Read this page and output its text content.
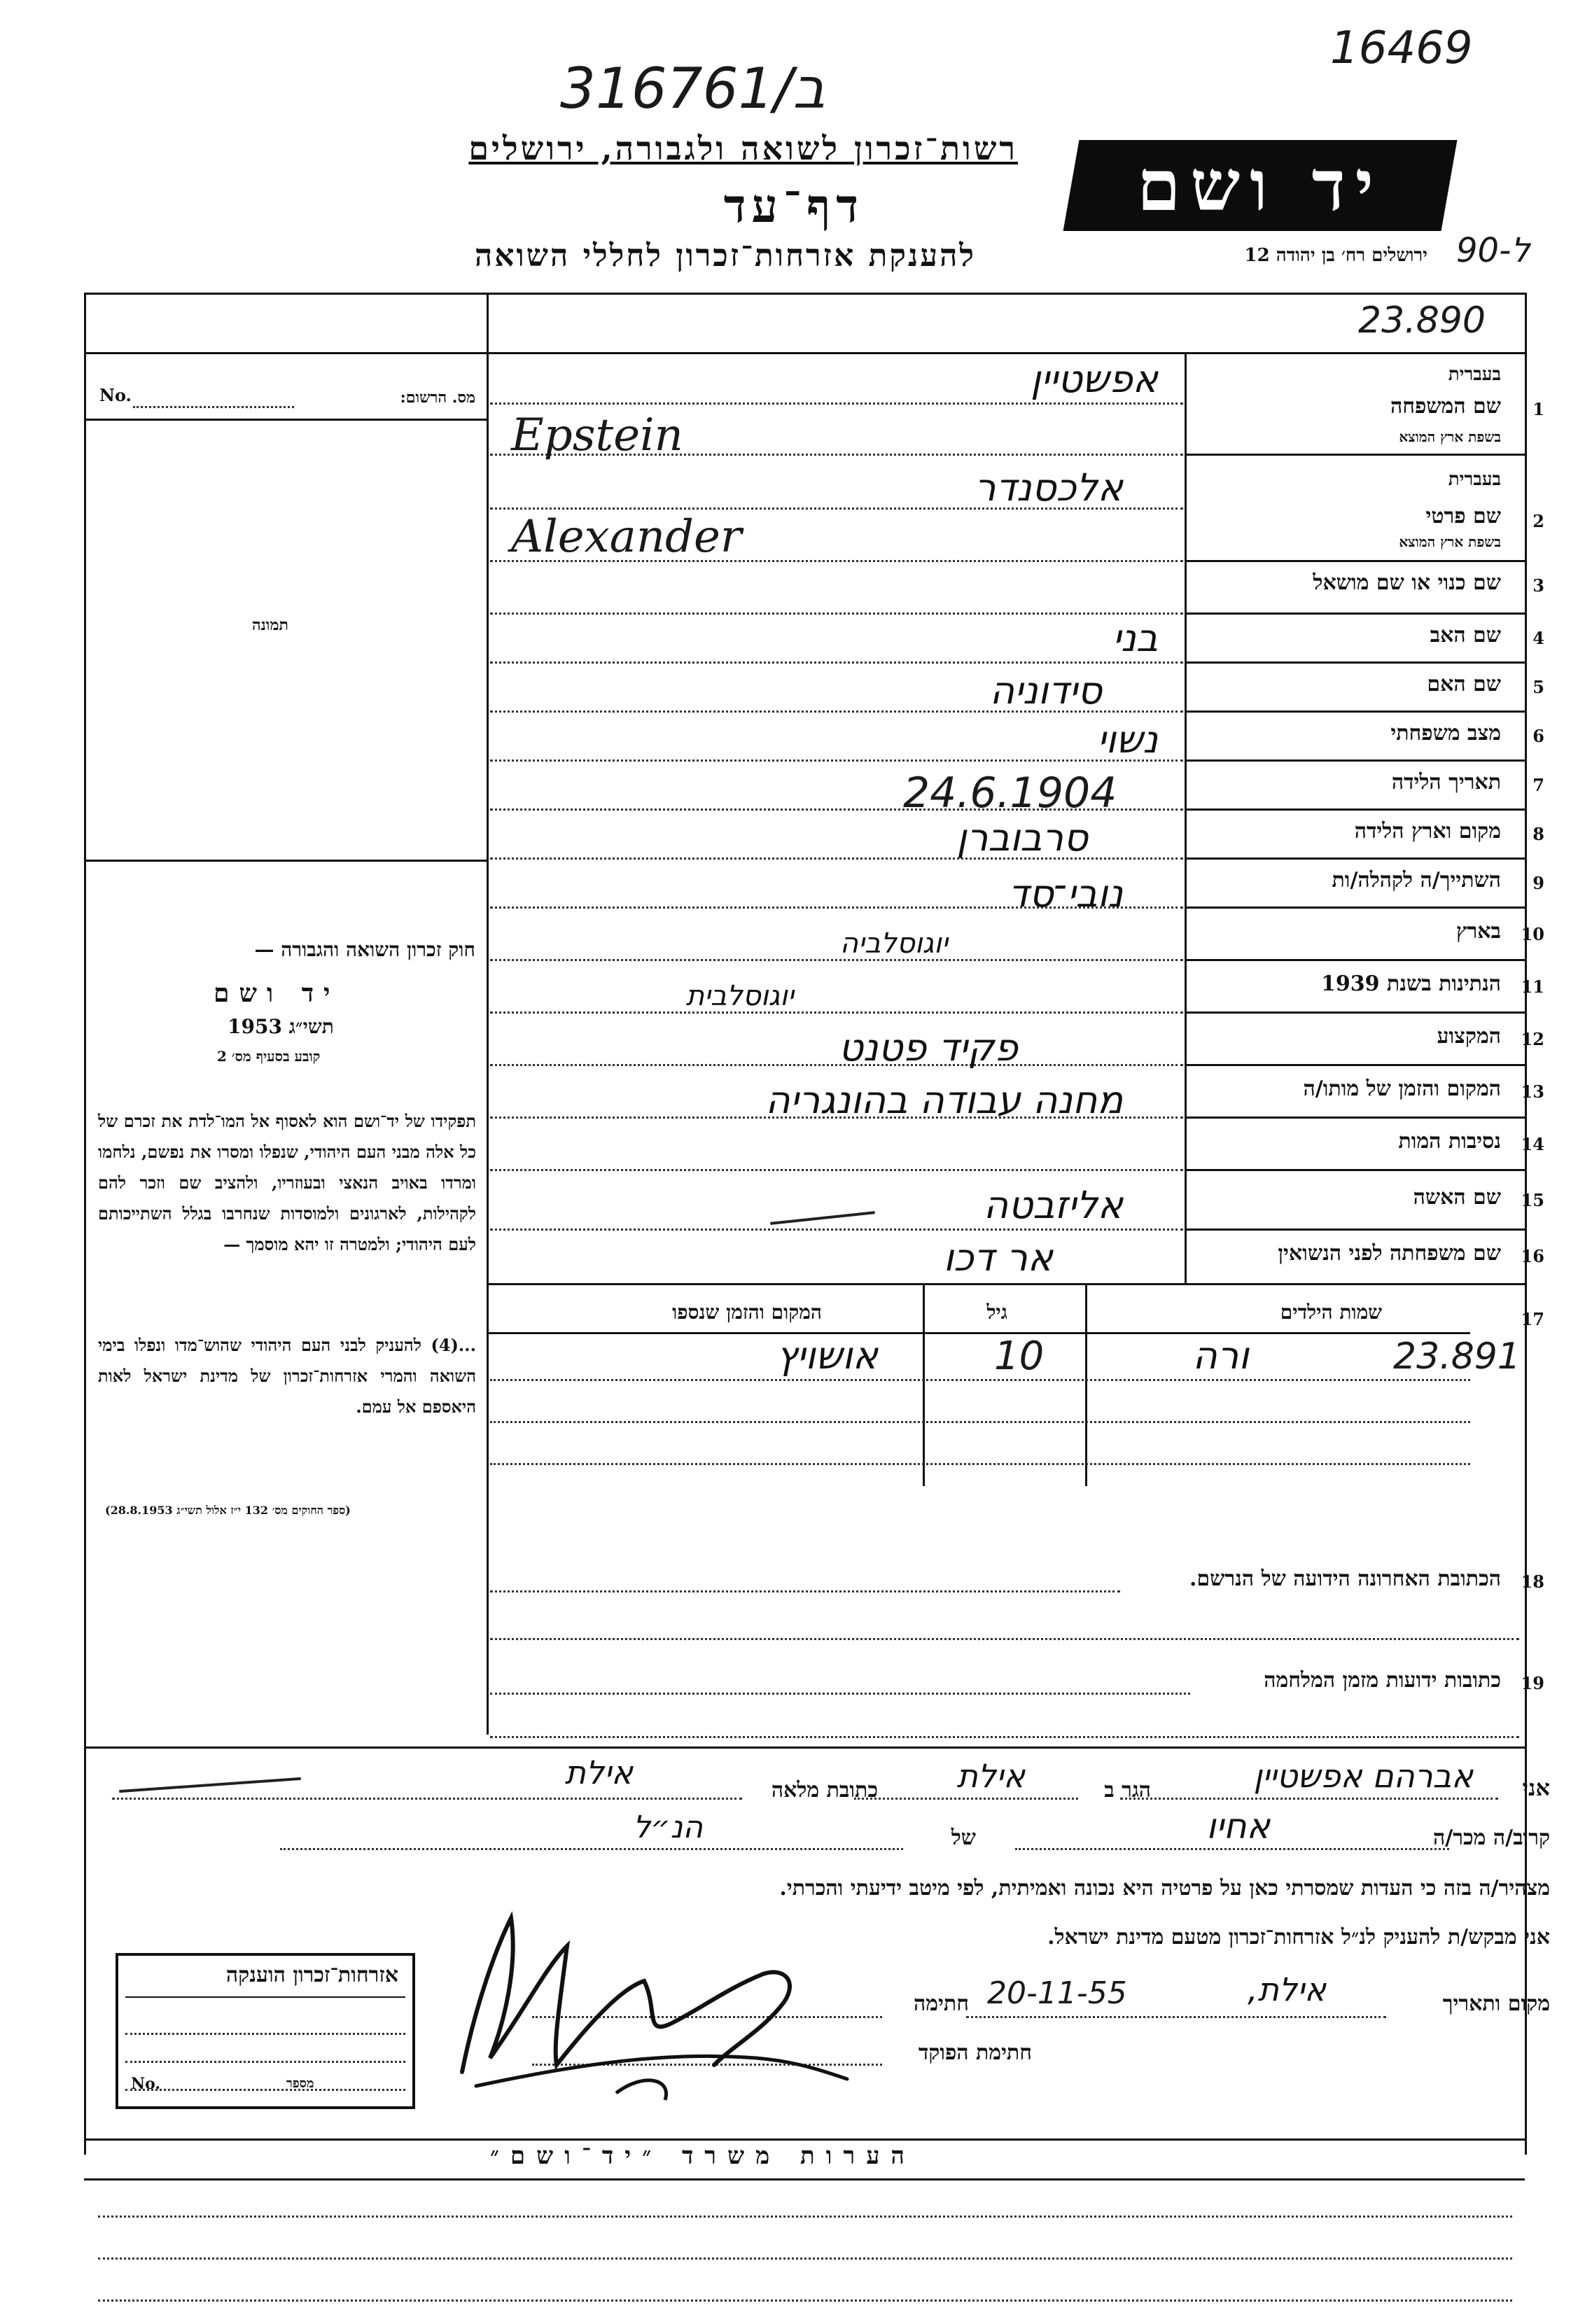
16469
316761/ב
90-ל
רשות־זכרון לשואה ולגבורה, ירושלים
דף־עד
להענקת אזרחות־זכרון לחללי השואה
יד ושם
ירושלים רח׳ בן יהודה 12
23.890
מס. הרשום:
No.
תמונה
חוק זכרון השואה והגבורה —
יד ושם
תשי״ג 1953
קובע בסעיף מס׳ 2
תפקידו של יד־ושם הוא לאסוף אל המו־לדת את זכרם של כל אלה מבני העם היהודי, שנפלו ומסרו את נפשם, נלחמו ומרדו באויב הנאצי ובעוזריו, ולהציב שם וזכר להם לקהילות, לארגונים ולמוסדות שנחרבו בגלל השתייכותם לעם היהודי; ולמטרה זו יהא מוסמך —
...(4) להעניק לבני העם היהודי שהוש־מדו ונפלו בימי השואה והמרי אזרחות־זכרון של מדינת ישראל לאות היאספם אל עמם.
(ספר החוקים מס׳ 132 י״ז אלול תשי״ג 28.8.1953)
בעברית
1
שם המשפחה
בשפת ארץ המוצא
בעברית
2
שם פרטי
בשפת ארץ המוצא
3
שם כנוי או שם מושאל
4
שם האב
5
שם האם
6
מצב משפחתי
7
תאריך הלידה
8
מקום וארץ הלידה
9
השתייך/ה לקהלה/ות
10
בארץ
11
הנתינות בשנת 1939
12
המקצוע
13
המקום והזמן של מותו/ה
14
נסיבות המות
15
שם האשה
16
שם משפחתה לפני הנשואין
אפשטיין
Epstein
אלכסנדר
Alexander
בני
סידוניה
נשוי
24.6.1904
סרבוברן
נובי־סד
יוגוסלביה
יוגוסלבית
פקיד פטנט
מחנה עבודה בהונגריה
אליזבטה
אר דכו
17
שמות הילדים
גיל
המקום והזמן שנספו
ורה
10
אושויץ	23.891
18
הכתובת האחרונה הידועה של הנרשם.
19
כתובות ידועות מזמן המלחמה
אני
אברהם אפשטיין
הגר ב
אילת
כתובת מלאה
אילת
קרוב/ה מכר/ה
אחיו
של
הנ״ל
מצהיר/ה בזה כי העדות שמסרתי כאן על פרטיה היא נכונה ואמיתית, לפי מיטב ידיעתי והכרתי.
אני מבקש/ת להעניק לנ״ל אזרחות־זכרון מטעם מדינת ישראל.
מקום ותאריך
אילת,
20-11-55
חתימה
חתימת הפוקד
אזרחות־זכרון הוענקה
No.	מספר
הערות משרד ״יד־ושם״
